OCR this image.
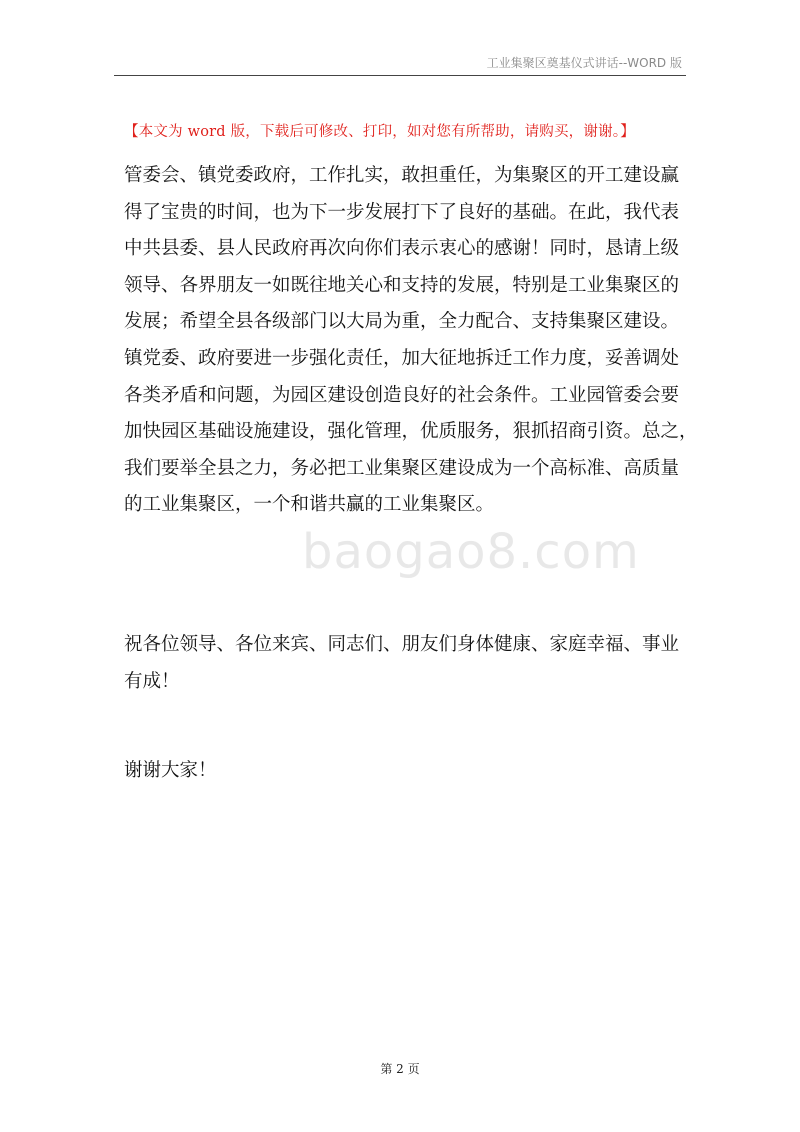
工业集聚区奠基仪式讲话--WORD 版
【本文为 word 版，下载后可修改、打印，如对您有所帮助，请购买，谢谢。】
管委会、镇党委政府，工作扎实，敢担重任，为集聚区的开工建设赢
得了宝贵的时间，也为下一步发展打下了良好的基础。在此，我代表
中共县委、县人民政府再次向你们表示衷心的感谢！同时，恳请上级
领导、各界朋友一如既往地关心和支持的发展，特别是工业集聚区的
发展；希望全县各级部门以大局为重，全力配合、支持集聚区建设。
镇党委、政府要进一步强化责任，加大征地拆迁工作力度，妥善调处
各类矛盾和问题，为园区建设创造良好的社会条件。工业园管委会要
加快园区基础设施建设，强化管理，优质服务，狠抓招商引资。总之，
我们要举全县之力，务必把工业集聚区建设成为一个高标准、高质量
的工业集聚区，一个和谐共赢的工业集聚区。
祝各位领导、各位来宾、同志们、朋友们身体健康、家庭幸福、事业
有成！
谢谢大家！
baogao8.com
第 2 页
